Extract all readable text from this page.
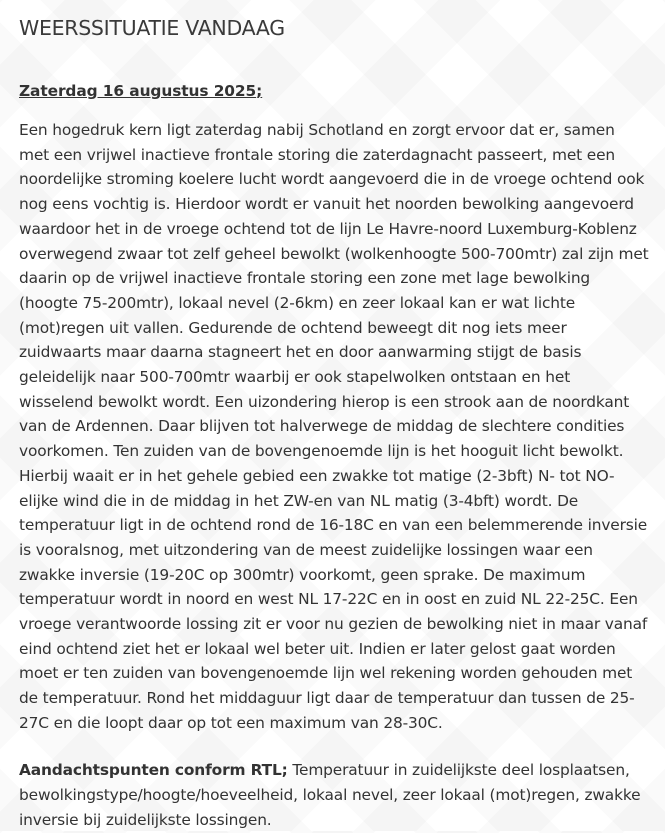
WEERSSITUATIE VANDAAG

Zaterdag 16 augustus 2025;

Een hogedruk kern ligt zaterdag nabij Schotland en zorgt ervoor dat er, samen met een vrijwel inactieve frontale storing die zaterdagnacht passeert, met een noordelijke stroming koelere lucht wordt aangevoerd die in de vroege ochtend ook nog eens vochtig is. Hierdoor wordt er vanuit het noorden bewolking aangevoerd waardoor het in de vroege ochtend tot de lijn Le Havre-noord Luxemburg-Koblenz overwegend zwaar tot zelf geheel bewolkt (wolkenhoogte 500-700mtr) zal zijn met daarin op de vrijwel inactieve frontale storing een zone met lage bewolking (hoogte 75-200mtr), lokaal nevel (2-6km) en zeer lokaal kan er wat lichte (mot)regen uit vallen. Gedurende de ochtend beweegt dit nog iets meer zuidwaarts maar daarna stagneert het en door aanwarming stijgt de basis geleidelijk naar 500-700mtr waarbij er ook stapelwolken ontstaan en het wisselend bewolkt wordt. Een uizondering hierop is een strook aan de noordkant van de Ardennen. Daar blijven tot halverwege de middag de slechtere condities voorkomen. Ten zuiden van de bovengenoemde lijn is het hooguit licht bewolkt. Hierbij waait er in het gehele gebied een zwakke tot matige (2-3bft) N- tot NO-elijke wind die in de middag in het ZW-en van NL matig (3-4bft) wordt. De temperatuur ligt in de ochtend rond de 16-18C en van een belemmerende inversie is vooralsnog, met uitzondering van de meest zuidelijke lossingen waar een zwakke inversie (19-20C op 300mtr) voorkomt, geen sprake. De maximum temperatuur wordt in noord en west NL 17-22C en in oost en zuid NL 22-25C. Een vroege verantwoorde lossing zit er voor nu gezien de bewolking niet in maar vanaf eind ochtend ziet het er lokaal wel beter uit. Indien er later gelost gaat worden moet er ten zuiden van bovengenoemde lijn wel rekening worden gehouden met de temperatuur. Rond het middaguur ligt daar de temperatuur dan tussen de 25-27C en die loopt daar op tot een maximum van 28-30C.

Aandachtspunten conform RTL; Temperatuur in zuidelijkste deel losplaatsen, bewolkingstype/hoogte/hoeveelheid, lokaal nevel, zeer lokaal (mot)regen, zwakke inversie bij zuidelijkste lossingen.
